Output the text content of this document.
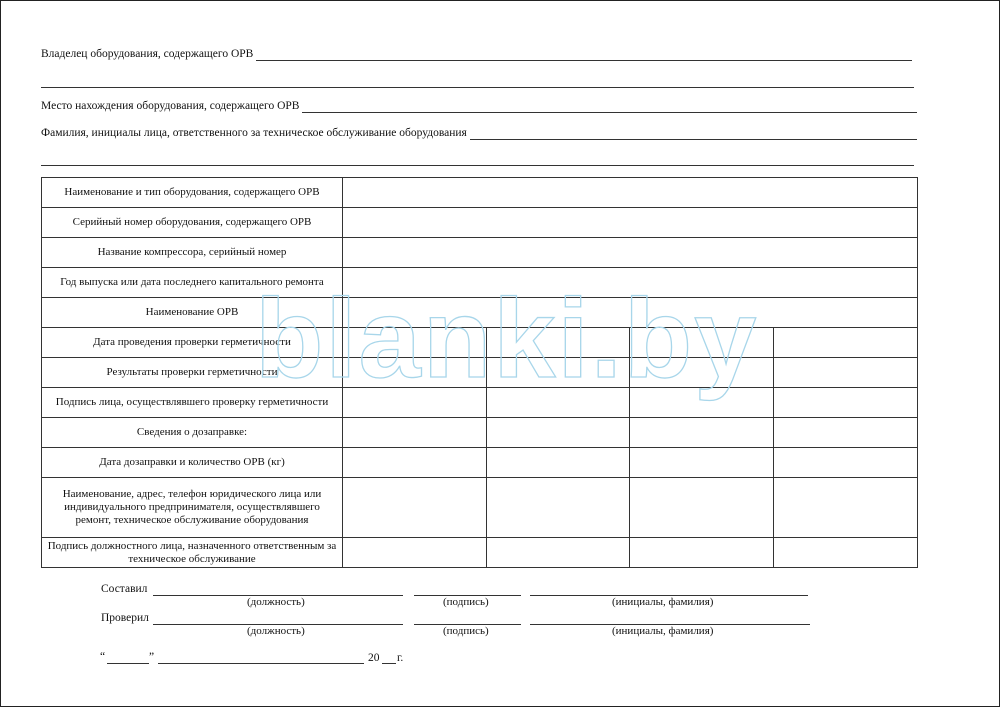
Владелец оборудования, содержащего ОРВ
Место нахождения оборудования, содержащего ОРВ
Фамилия, инициалы лица, ответственного за техническое обслуживание оборудования
Наименование и тип оборудования, содержащего ОРВ				
Серийный номер оборудования, содержащего ОРВ				
Название компрессора, серийный номер				
Год выпуска или дата последнего капитального ремонта				
Наименование ОРВ				
Дата проведения проверки герметичности				
Результаты проверки герметичности				
Подпись лица, осуществлявшего проверку герметичности				
Сведения о дозаправке:				
Дата дозаправки и количество ОРВ (кг)				
Наименование, адрес, телефон юридического лица или индивидуального предпринимателя, осуществлявшего ремонт, техническое обслуживание оборудования				
Подпись должностного лица, назначенного ответственным за техническое обслуживание				
blanki.by
Составил
(должность)	(подпись)	(инициалы, фамилия)
Проверил
(должность)	(подпись)	(инициалы, фамилия)
“	”	20 г.
